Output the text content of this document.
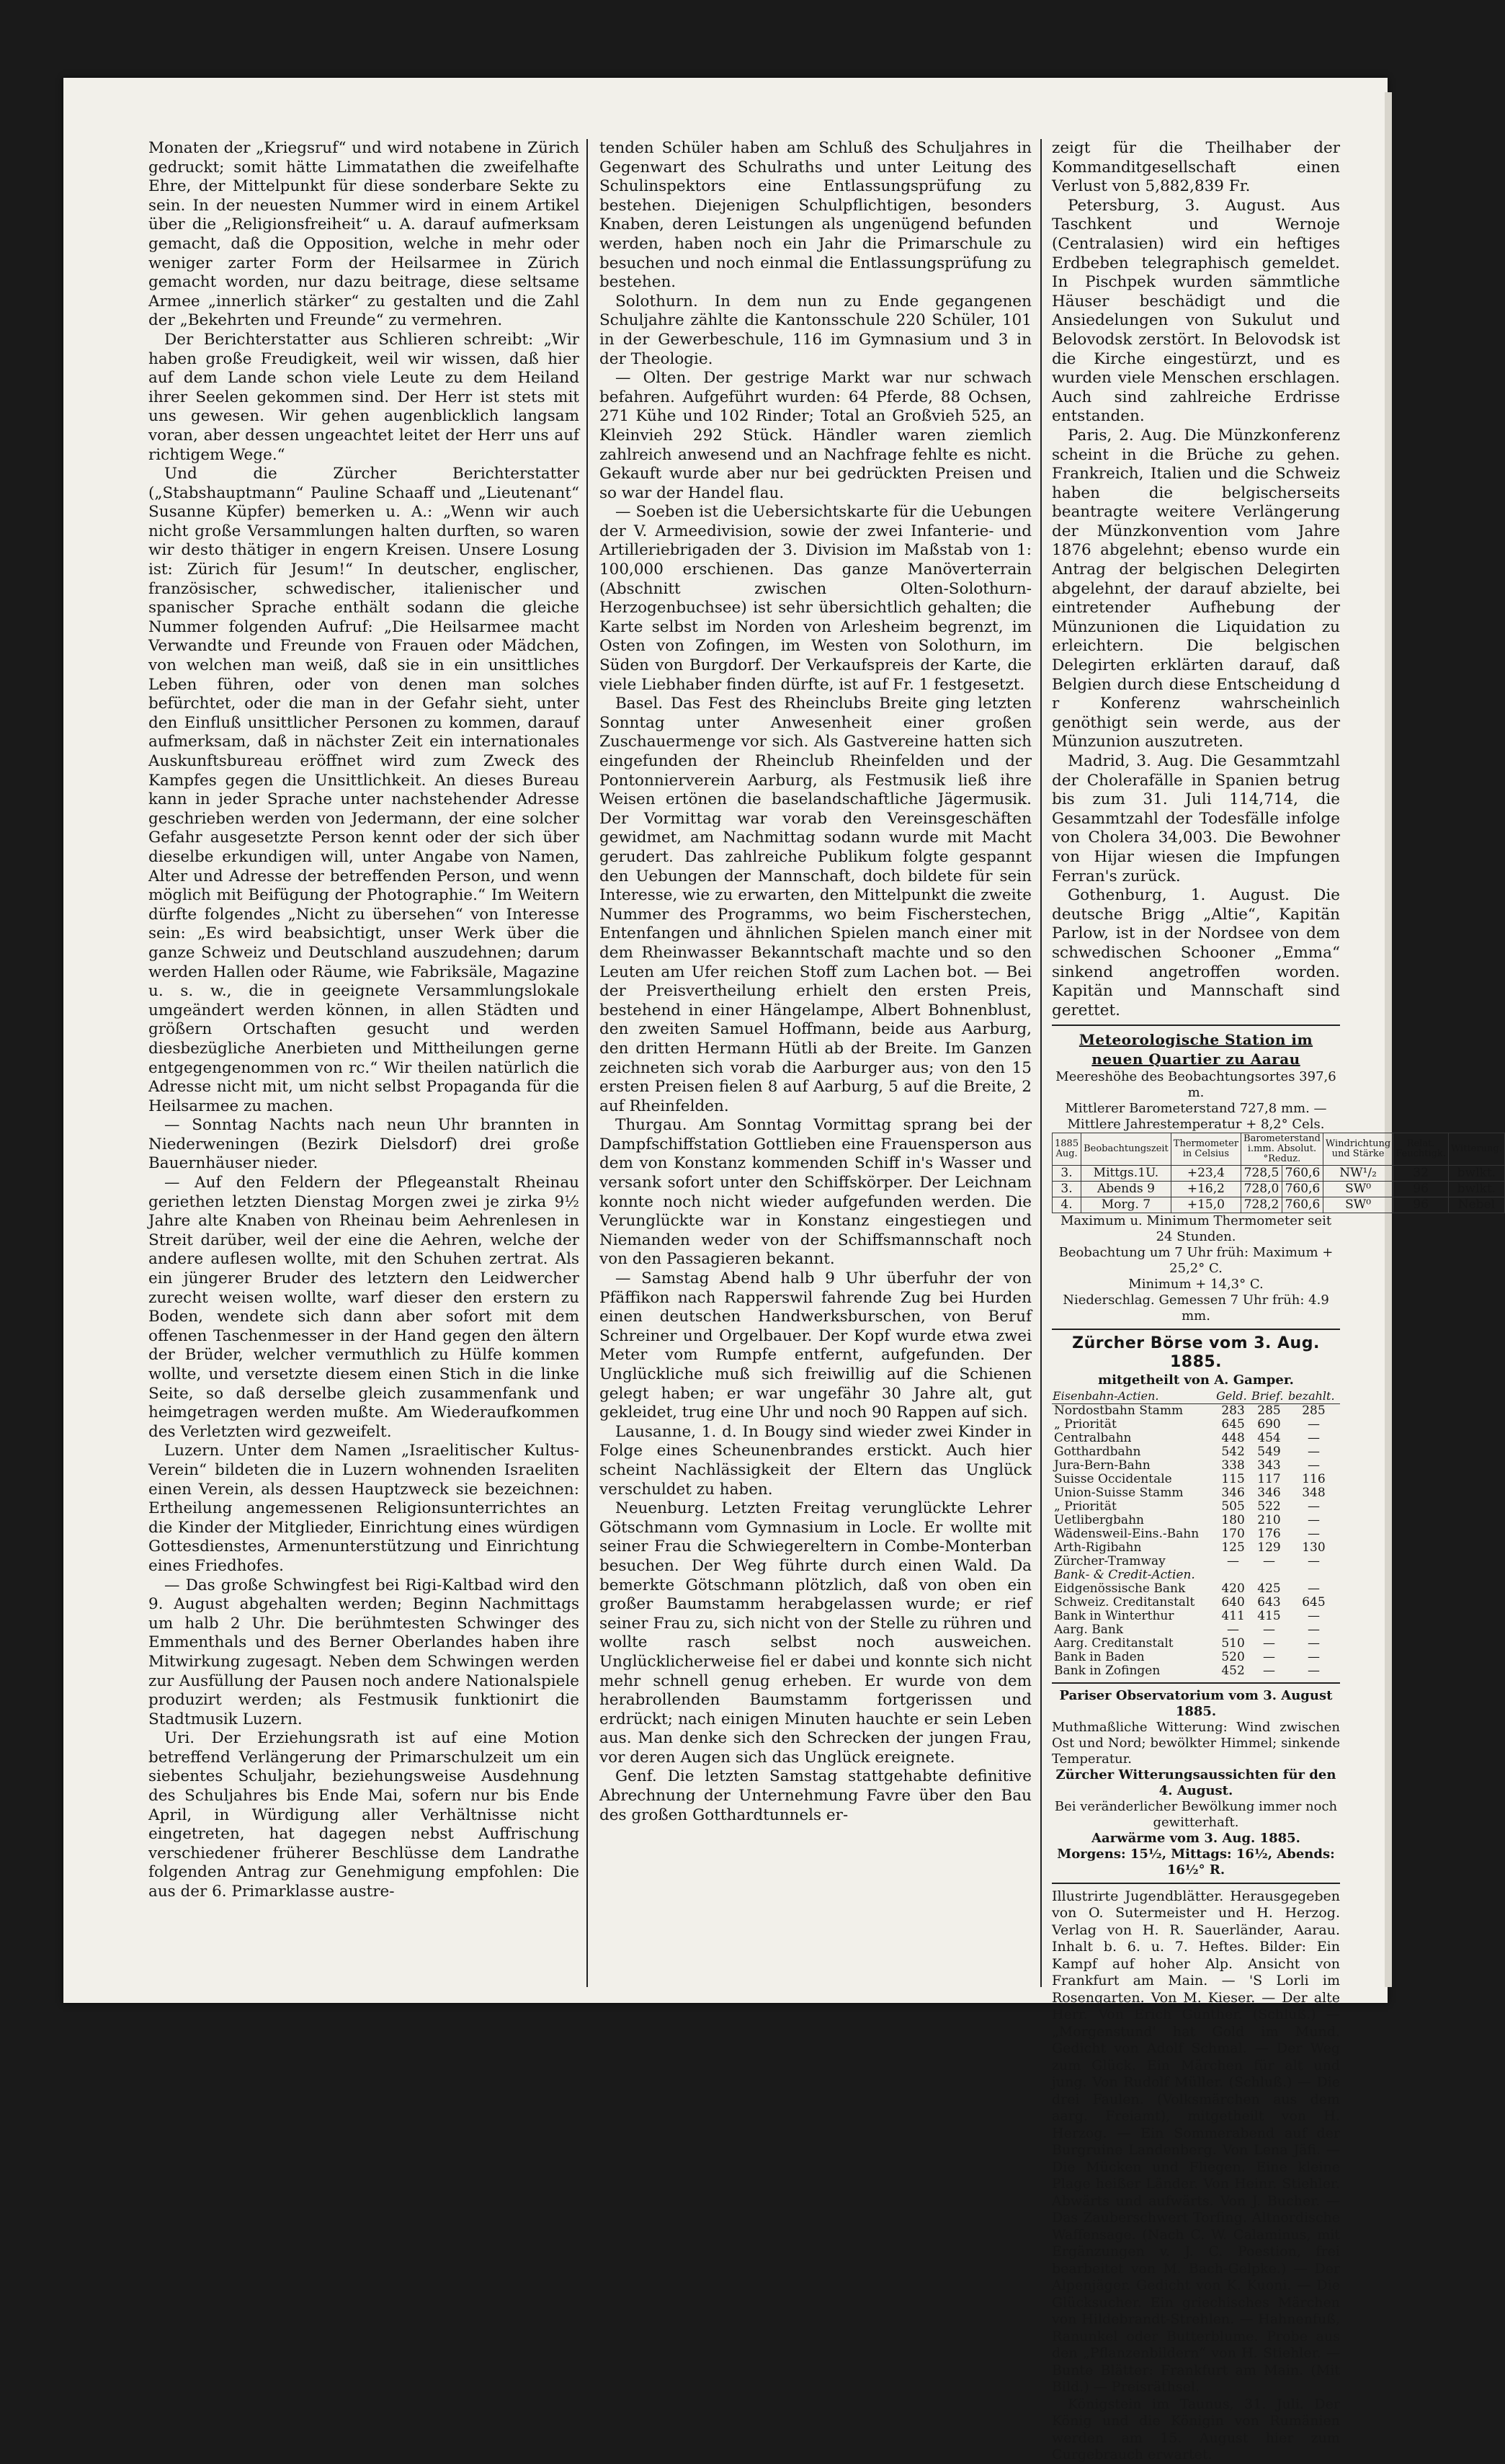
Monaten der „Kriegsruf“ und wird notabene in Zürich gedruckt; somit hätte Limmatathen die zweifelhafte Ehre, der Mittelpunkt für diese sonderbare Sekte zu sein. In der neuesten Nummer wird in einem Artikel über die „Religionsfreiheit“ u. A. darauf aufmerksam gemacht, daß die Opposition, welche in mehr oder weniger zarter Form der Heilsarmee in Zürich gemacht worden, nur dazu beitrage, diese seltsame Armee „innerlich stärker“ zu gestalten und die Zahl der „Bekehrten und Freunde“ zu vermehren.

Der Berichterstatter aus Schlieren schreibt: „Wir haben große Freudigkeit, weil wir wissen, daß hier auf dem Lande schon viele Leute zu dem Heiland ihrer Seelen gekommen sind. Der Herr ist stets mit uns gewesen. Wir gehen augenblicklich langsam voran, aber dessen ungeachtet leitet der Herr uns auf richtigem Wege.“

Und die Zürcher Berichterstatter („Stabshauptmann“ Pauline Schaaff und „Lieutenant“ Susanne Küpfer) bemerken u. A.: „Wenn wir auch nicht große Versammlungen halten durften, so waren wir desto thätiger in engern Kreisen. Unsere Losung ist: Zürich für Jesum!“ In deutscher, englischer, französischer, schwedischer, italienischer und spanischer Sprache enthält sodann die gleiche Nummer folgenden Aufruf: „Die Heilsarmee macht Verwandte und Freunde von Frauen oder Mädchen, von welchen man weiß, daß sie in ein unsittliches Leben führen, oder von denen man solches befürchtet, oder die man in der Gefahr sieht, unter den Einfluß unsittlicher Personen zu kommen, darauf aufmerksam, daß in nächster Zeit ein internationales Auskunftsbureau eröffnet wird zum Zweck des Kampfes gegen die Unsittlichkeit. An dieses Bureau kann in jeder Sprache unter nachstehender Adresse geschrieben werden von Jedermann, der eine solcher Gefahr ausgesetzte Person kennt oder der sich über dieselbe erkundigen will, unter Angabe von Namen, Alter und Adresse der betreffenden Person, und wenn möglich mit Beifügung der Photographie.“ Im Weitern dürfte folgendes „Nicht zu übersehen“ von Interesse sein: „Es wird beabsichtigt, unser Werk über die ganze Schweiz und Deutschland auszudehnen; darum werden Hallen oder Räume, wie Fabriksäle, Magazine u. s. w., die in geeignete Versammlungslokale umgeändert werden können, in allen Städten und größern Ortschaften gesucht und werden diesbezügliche Anerbieten und Mittheilungen gerne entgegengenommen von rc.“ Wir theilen natürlich die Adresse nicht mit, um nicht selbst Propaganda für die Heilsarmee zu machen.

— Sonntag Nachts nach neun Uhr brannten in Niederweningen (Bezirk Dielsdorf) drei große Bauernhäuser nieder.

— Auf den Feldern der Pflegeanstalt Rheinau geriethen letzten Dienstag Morgen zwei je zirka 9½ Jahre alte Knaben von Rheinau beim Aehrenlesen in Streit darüber, weil der eine die Aehren, welche der andere auflesen wollte, mit den Schuhen zertrat. Als ein jüngerer Bruder des letztern den Leidwercher zurecht weisen wollte, warf dieser den erstern zu Boden, wendete sich dann aber sofort mit dem offenen Taschenmesser in der Hand gegen den ältern der Brüder, welcher vermuthlich zu Hülfe kommen wollte, und versetzte diesem einen Stich in die linke Seite, so daß derselbe gleich zusammenfank und heimgetragen werden mußte. Am Wiederaufkommen des Verletzten wird gezweifelt.

Luzern. Unter dem Namen „Israelitischer Kultus-Verein“ bildeten die in Luzern wohnenden Israeliten einen Verein, als dessen Hauptzweck sie bezeichnen: Ertheilung angemessenen Religionsunterrichtes an die Kinder der Mitglieder, Einrichtung eines würdigen Gottesdienstes, Armenunterstützung und Einrichtung eines Friedhofes.

— Das große Schwingfest bei Rigi-Kaltbad wird den 9. August abgehalten werden; Beginn Nachmittags um halb 2 Uhr. Die berühmtesten Schwinger des Emmenthals und des Berner Oberlandes haben ihre Mitwirkung zugesagt. Neben dem Schwingen werden zur Ausfüllung der Pausen noch andere Nationalspiele produzirt werden; als Festmusik funktionirt die Stadtmusik Luzern.

Uri. Der Erziehungsrath ist auf eine Motion betreffend Verlängerung der Primarschulzeit um ein siebentes Schuljahr, beziehungsweise Ausdehnung des Schuljahres bis Ende Mai, sofern nur bis Ende April, in Würdigung aller Verhältnisse nicht eingetreten, hat dagegen nebst Auffrischung verschiedener früherer Beschlüsse dem Landrathe folgenden Antrag zur Genehmigung empfohlen: Die aus der 6. Primarklasse austre-

tenden Schüler haben am Schluß des Schuljahres in Gegenwart des Schulraths und unter Leitung des Schulinspektors eine Entlassungsprüfung zu bestehen. Diejenigen Schulpflichtigen, besonders Knaben, deren Leistungen als ungenügend befunden werden, haben noch ein Jahr die Primarschule zu besuchen und noch einmal die Entlassungsprüfung zu bestehen.

Solothurn. In dem nun zu Ende gegangenen Schuljahre zählte die Kantonsschule 220 Schüler, 101 in der Gewerbeschule, 116 im Gymnasium und 3 in der Theologie.

— Olten. Der gestrige Markt war nur schwach befahren. Aufgeführt wurden: 64 Pferde, 88 Ochsen, 271 Kühe und 102 Rinder; Total an Großvieh 525, an Kleinvieh 292 Stück. Händler waren ziemlich zahlreich anwesend und an Nachfrage fehlte es nicht. Gekauft wurde aber nur bei gedrückten Preisen und so war der Handel flau.

— Soeben ist die Uebersichtskarte für die Uebungen der V. Armeedivision, sowie der zwei Infanterie- und Artilleriebrigaden der 3. Division im Maßstab von 1: 100,000 erschienen. Das ganze Manöverterrain (Abschnitt zwischen Olten-Solothurn-Herzogenbuchsee) ist sehr übersichtlich gehalten; die Karte selbst im Norden von Arlesheim begrenzt, im Osten von Zofingen, im Westen von Solothurn, im Süden von Burgdorf. Der Verkaufspreis der Karte, die viele Liebhaber finden dürfte, ist auf Fr. 1 festgesetzt.

Basel. Das Fest des Rheinclubs Breite ging letzten Sonntag unter Anwesenheit einer großen Zuschauermenge vor sich. Als Gastvereine hatten sich eingefunden der Rheinclub Rheinfelden und der Pontonnierverein Aarburg, als Festmusik ließ ihre Weisen ertönen die baselandschaftliche Jägermusik. Der Vormittag war vorab den Vereinsgeschäften gewidmet, am Nachmittag sodann wurde mit Macht gerudert. Das zahlreiche Publikum folgte gespannt den Uebungen der Mannschaft, doch bildete für sein Interesse, wie zu erwarten, den Mittelpunkt die zweite Nummer des Programms, wo beim Fischerstechen, Entenfangen und ähnlichen Spielen manch einer mit dem Rheinwasser Bekanntschaft machte und so den Leuten am Ufer reichen Stoff zum Lachen bot. — Bei der Preisvertheilung erhielt den ersten Preis, bestehend in einer Hängelampe, Albert Bohnenblust, den zweiten Samuel Hoffmann, beide aus Aarburg, den dritten Hermann Hütli ab der Breite. Im Ganzen zeichneten sich vorab die Aarburger aus; von den 15 ersten Preisen fielen 8 auf Aarburg, 5 auf die Breite, 2 auf Rheinfelden.

Thurgau. Am Sonntag Vormittag sprang bei der Dampfschiffstation Gottlieben eine Frauensperson aus dem von Konstanz kommenden Schiff in's Wasser und versank sofort unter den Schiffskörper. Der Leichnam konnte noch nicht wieder aufgefunden werden. Die Verunglückte war in Konstanz eingestiegen und Niemanden weder von der Schiffsmannschaft noch von den Passagieren bekannt.

— Samstag Abend halb 9 Uhr überfuhr der von Pfäffikon nach Rapperswil fahrende Zug bei Hurden einen deutschen Handwerksburschen, von Beruf Schreiner und Orgelbauer. Der Kopf wurde etwa zwei Meter vom Rumpfe entfernt, aufgefunden. Der Unglückliche muß sich freiwillig auf die Schienen gelegt haben; er war ungefähr 30 Jahre alt, gut gekleidet, trug eine Uhr und noch 90 Rappen auf sich.

Lausanne, 1. d. In Bougy sind wieder zwei Kinder in Folge eines Scheunenbrandes erstickt. Auch hier scheint Nachlässigkeit der Eltern das Unglück verschuldet zu haben.

Neuenburg. Letzten Freitag verunglückte Lehrer Götschmann vom Gymnasium in Locle. Er wollte mit seiner Frau die Schwiegereltern in Combe-Monterban besuchen. Der Weg führte durch einen Wald. Da bemerkte Götschmann plötzlich, daß von oben ein großer Baumstamm herabgelassen wurde; er rief seiner Frau zu, sich nicht von der Stelle zu rühren und wollte rasch selbst noch ausweichen. Unglücklicherweise fiel er dabei und konnte sich nicht mehr schnell genug erheben. Er wurde von dem herabrollenden Baumstamm fortgerissen und erdrückt; nach einigen Minuten hauchte er sein Leben aus. Man denke sich den Schrecken der jungen Frau, vor deren Augen sich das Unglück ereignete.

Genf. Die letzten Samstag stattgehabte definitive Abrechnung der Unternehmung Favre über den Bau des großen Gotthardtunnels er-

zeigt für die Theilhaber der Kommanditgesellschaft einen Verlust von 5,882,839 Fr.

Petersburg, 3. August. Aus Taschkent und Wernoje (Centralasien) wird ein heftiges Erdbeben telegraphisch gemeldet. In Pischpek wurden sämmtliche Häuser beschädigt und die Ansiedelungen von Sukulut und Belovodsk zerstört. In Belovodsk ist die Kirche eingestürzt, und es wurden viele Menschen erschlagen. Auch sind zahlreiche Erdrisse entstanden.

Paris, 2. Aug. Die Münzkonferenz scheint in die Brüche zu gehen. Frankreich, Italien und die Schweiz haben die belgischerseits beantragte weitere Verlängerung der Münzkonvention vom Jahre 1876 abgelehnt; ebenso wurde ein Antrag der belgischen Delegirten abgelehnt, der darauf abzielte, bei eintretender Aufhebung der Münzunionen die Liquidation zu erleichtern. Die belgischen Delegirten erklärten darauf, daß Belgien durch diese Entscheidung d r Konferenz wahrscheinlich genöthigt sein werde, aus der Münzunion auszutreten.

Madrid, 3. Aug. Die Gesammtzahl der Cholerafälle in Spanien betrug bis zum 31. Juli 114,714, die Gesammtzahl der Todesfälle infolge von Cholera 34,003. Die Bewohner von Hijar wiesen die Impfungen Ferran's zurück.

Gothenburg, 1. August. Die deutsche Brigg „Altie“, Kapitän Parlow, ist in der Nordsee von dem schwedischen Schooner „Emma“ sinkend angetroffen worden. Kapitän und Mannschaft sind gerettet.

Meteorologische Station im neuen Quartier zu Aarau
Meereshöhe des Beobachtungsortes 397,6 m.
Mittlerer Barometerstand 727,8 mm. —Mittlere Jahrestemperatur + 8,2° Cels.
1885 Aug.	Beobachtungszeit	Thermometer in Celsius	Barometerstand i.mm. Absolut. °Reduz.		Windrichtung und Stärke	Relat. Feuchtigk.	Witterung.
3.	Mittgs.1U.	+23,4	728,5	760,6	NW¹/₂	32	bwlkt.
3.	Abends 9	+16,2	728,0	760,6	SW⁰	96	bwlkt.
4.	Morg. 7	+15,0	728,2	760,6	SW⁰	96	Nebel
Maximum u. Minimum Thermometer seit 24 Stunden.
Beobachtung um 7 Uhr früh: Maximum + 25,2° C.
Minimum + 14,3° C.
Niederschlag. Gemessen 7 Uhr früh: 4.9 mm.
Zürcher Börse vom 3. Aug. 1885.
mitgetheilt von A. Gamper.
Eisenbahn-Actien.	Geld.	Brief.	bezahlt.
Nordostbahn Stamm	283	285	285
„ Priorität	645	690	—
Centralbahn	448	454	—
Gotthardbahn	542	549	—
Jura-Bern-Bahn	338	343	—
Suisse Occidentale	115	117	116
Union-Suisse Stamm	346	346	348
„ Priorität	505	522	—
Uetlibergbahn	180	210	—
Wädensweil-Eins.-Bahn	170	176	—
Arth-Rigibahn	125	129	130
Zürcher-Tramway	—	—	—
Bank- & Credit-Actien.			
Eidgenössische Bank	420	425	—
Schweiz. Creditanstalt	640	643	645
Bank in Winterthur	411	415	—
Aarg. Bank	—	—	—
Aarg. Creditanstalt	510	—	—
Bank in Baden	520	—	—
Bank in Zofingen	452	—	—
Pariser Observatorium vom 3. August 1885.
Muthmaßliche Witterung: Wind zwischen Ost und Nord; bewölkter Himmel; sinkende Temperatur.
Zürcher Witterungsaussichten für den 4. August.
Bei veränderlicher Bewölkung immer noch gewitterhaft.
Aarwärme vom 3. Aug. 1885.
Morgens: 15½, Mittags: 16½, Abends: 16½° R.

Illustrirte Jugendblätter. Herausgegeben von O. Sutermeister und H. Herzog. Verlag von H. R. Sauerländer, Aarau. Inhalt b. 6. u. 7. Heftes. Bilder: Ein Kampf auf hoher Alp. Ansicht von Frankfurt am Main. — 'S Lorli im Rosengarten. Von M. Kieser. — Der alte Herr. Von Erich Günther. (Schluß.) — „Morgenstund' hat Gold im Mund. Gedicht von Adolf Schmal. — Der Weg zum Glück. Ein Märchen für alt und jung. Von Rudolf Müller. (Schluß.) — Die drei Faulen. (Volksmärchen aus dem aarg. Freiamt), mitgetheilt von H. Herzog. — Ein Sommerabend auf der Burgruine Landenberg. Von Lena Jäfi. — Die Mücken und Fliegen. Eine kleine Plage heißer Länder. Von Heinr. Stiehler. Abwärts und aufwärts. Von J. Bucher. — Das Zauberschwert Torfing. Altnordische Waffensage. (Nach C. W. Calaminus, mit Ergänzungen v. J. C. Poestion, frei bearbeitet von M. Bach-Gelpke.) — Der Alpenjäger. Gedicht von K. Kuoni. — Die Glücksucher. Ein griechisches Märchen von Hildebrandt-Strehlen. — Hahnenfuß, Ranunkel oder Butterblume. Probe aus den „Pflanzenbildern“ von H. Stiehler. — Bunte Blätter: Frankfurt am Main. (Mit Bild.) — Preisräthsel.

Königstein im Taunus, 31. Juli. Der König und die Königin von Rumänien werden am 15. August hier zum Curgebrauch erwartet.
